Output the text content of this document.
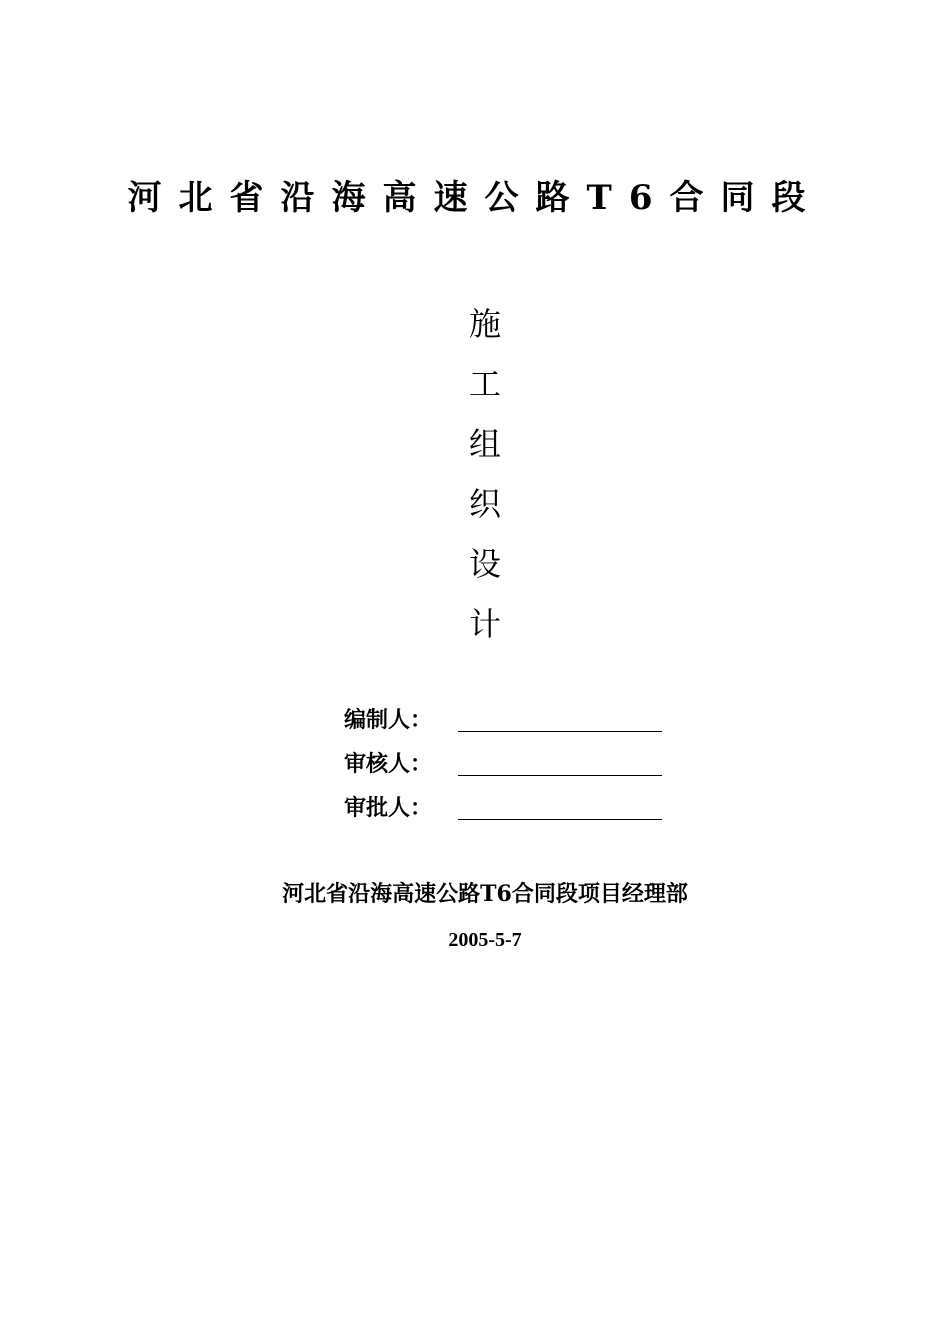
河北省沿海高速公路T6合同段
施
工
组
织
设
计
编制人：
审核人：
审批人：
河北省沿海高速公路T6合同段项目经理部
2005-5-7
